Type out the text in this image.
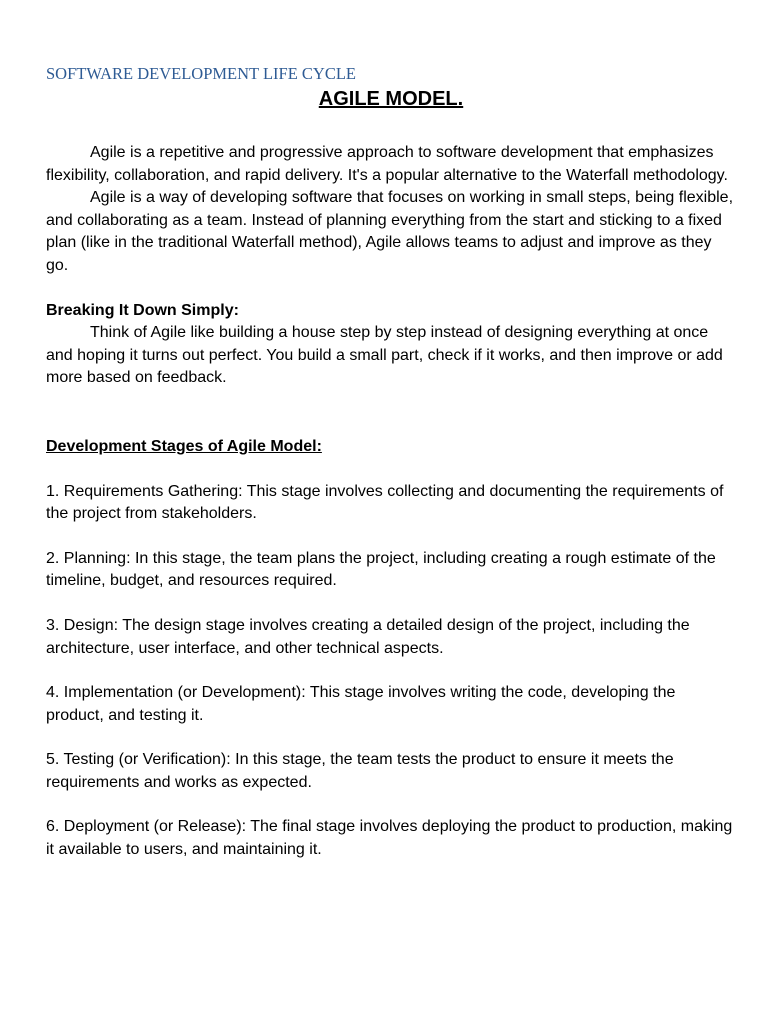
SOFTWARE DEVELOPMENT LIFE CYCLE

AGILE MODEL.

Agile is a repetitive and progressive approach to software development that emphasizes flexibility, collaboration, and rapid delivery. It's a popular alternative to the Waterfall methodology.

Agile is a way of developing software that focuses on working in small steps, being flexible, and collaborating as a team. Instead of planning everything from the start and sticking to a fixed plan (like in the traditional Waterfall method), Agile allows teams to adjust and improve as they go.

Breaking It Down Simply:

Think of Agile like building a house step by step instead of designing everything at once and hoping it turns out perfect. You build a small part, check if it works, and then improve or add more based on feedback.

Development Stages of Agile Model:

1. Requirements Gathering: This stage involves collecting and documenting the requirements of the project from stakeholders.

2. Planning: In this stage, the team plans the project, including creating a rough estimate of the timeline, budget, and resources required.

3. Design: The design stage involves creating a detailed design of the project, including the architecture, user interface, and other technical aspects.

4. Implementation (or Development): This stage involves writing the code, developing the product, and testing it.

5. Testing (or Verification): In this stage, the team tests the product to ensure it meets the requirements and works as expected.

6. Deployment (or Release): The final stage involves deploying the product to production, making it available to users, and maintaining it.
